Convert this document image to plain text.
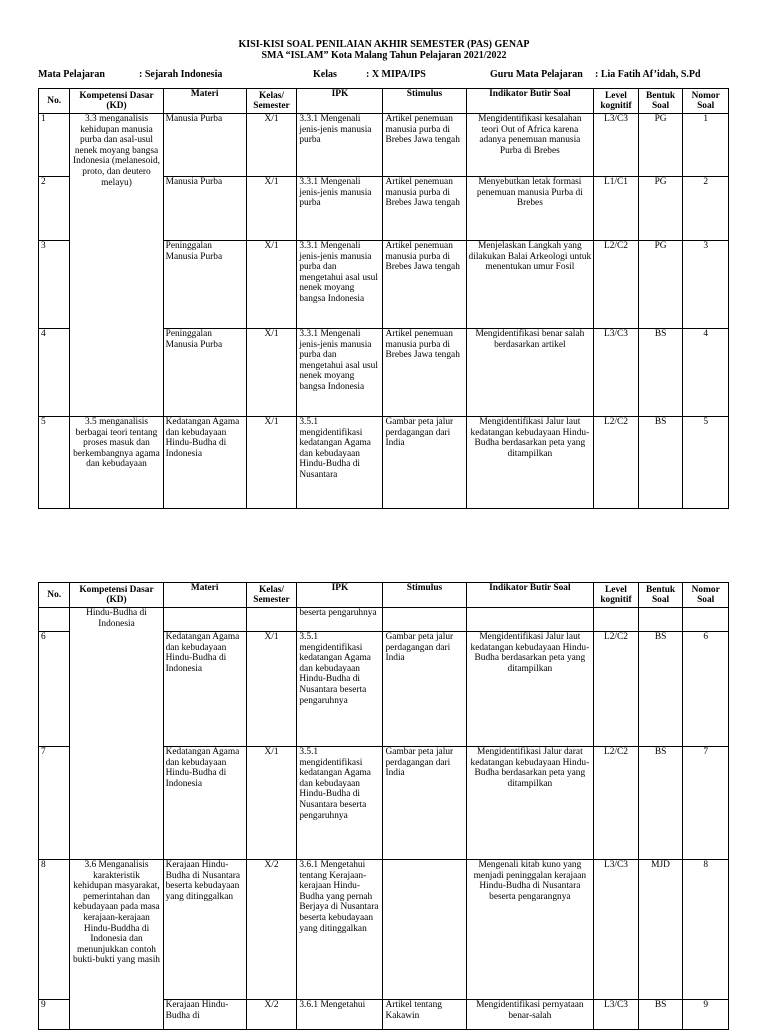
KISI-KISI SOAL PENILAIAN AKHIR SEMESTER (PAS) GENAP
SMA “ISLAM” Kota Malang Tahun Pelajaran 2021/2022
Mata Pelajaran	: Sejarah Indonesia	Kelas	: X MIPA/IPS	Guru Mata Pelajaran : Lia Fatih Af’idah, S.Pd
No.	Kompetensi Dasar (KD)	Materi	Kelas/ Semester	IPK	Stimulus	Indikator Butir Soal	Level kognitif	Bentuk Soal	Nomor Soal
1	3.3 menganalisis kehidupan manusia purba dan asal-usul nenek moyang bangsa Indonesia (melanesoid, proto, dan deutero melayu)	Manusia Purba	X/1	3.3.1 Mengenali jenis-jenis manusia purba	Artikel penemuan manusia purba di Brebes Jawa tengah	Mengidentifikasi kesalahan teori Out of Africa karena adanya penemuan manusia Purba di Brebes	L3/C3	PG	1
2		Manusia Purba	X/1	3.3.1 Mengenali jenis-jenis manusia purba	Artikel penemuan manusia purba di Brebes Jawa tengah	Menyebutkan letak formasi penemuan manusia Purba di Brebes	L1/C1	PG	2
3		Peninggalan Manusia Purba	X/1	3.3.1 Mengenali jenis-jenis manusia purba dan mengetahui asal usul nenek moyang bangsa Indonesia	Artikel penemuan manusia purba di Brebes Jawa tengah	Menjelaskan Langkah yang dilakukan Balai Arkeologi untuk menentukan umur Fosil	L2/C2	PG	3
4		Peninggalan Manusia Purba	X/1	3.3.1 Mengenali jenis-jenis manusia purba dan mengetahui asal usul nenek moyang bangsa Indonesia	Artikel penemuan manusia purba di Brebes Jawa tengah	Mengidentifikasi benar salah berdasarkan artikel	L3/C3	BS	4
5	3.5 menganalisis berbagai teori tentang proses masuk dan berkembangnya agama dan kebudayaan	Kedatangan Agama dan kebudayaan Hindu-Budha di Indonesia	X/1	3.5.1 mengidentifikasi kedatangan Agama dan kebudayaan Hindu-Budha di Nusantara	Gambar peta jalur perdagangan dari India	Mengidentifikasi Jalur laut kedatangan kebudayaan Hindu-Budha berdasarkan peta yang ditampilkan	L2/C2	BS	5
No.	Kompetensi Dasar (KD)	Materi	Kelas/ Semester	IPK	Stimulus	Indikator Butir Soal	Level kognitif	Bentuk Soal	Nomor Soal
	Hindu-Budha di Indonesia			beserta pengaruhnya					
6		Kedatangan Agama dan kebudayaan Hindu-Budha di Indonesia	X/1	3.5.1 mengidentifikasi kedatangan Agama dan kebudayaan Hindu-Budha di Nusantara beserta pengaruhnya	Gambar peta jalur perdagangan dari India	Mengidentifikasi Jalur laut kedatangan kebudayaan Hindu-Budha berdasarkan peta yang ditampilkan	L2/C2	BS	6
7		Kedatangan Agama dan kebudayaan Hindu-Budha di Indonesia	X/1	3.5.1 mengidentifikasi kedatangan Agama dan kebudayaan Hindu-Budha di Nusantara beserta pengaruhnya	Gambar peta jalur perdagangan dari India	Mengidentifikasi Jalur darat kedatangan kebudayaan Hindu-Budha berdasarkan peta yang ditampilkan	L2/C2	BS	7
8	3.6 Menganalisis karakteristik kehidupan masyarakat, pemerintahan dan kebudayaan pada masa kerajaan-kerajaan Hindu-Buddha di Indonesia dan menunjukkan contoh bukti-bukti yang masih	Kerajaan Hindu-Budha di Nusantara beserta kebudayaan yang ditinggalkan	X/2	3.6.1 Mengetahui tentang Kerajaan-kerajaan Hindu-Budha yang pernah Berjaya di Nusantara beserta kebudayaan yang ditinggalkan		Mengenali kitab kuno yang menjadi peninggalan kerajaan Hindu-Budha di Nusantara beserta pengarangnya	L3/C3	MJD	8
9		Kerajaan Hindu-Budha di	X/2	3.6.1 Mengetahui	Artikel tentang Kakawin	Mengidentifikasi pernyataan benar-salah	L3/C3	BS	9
